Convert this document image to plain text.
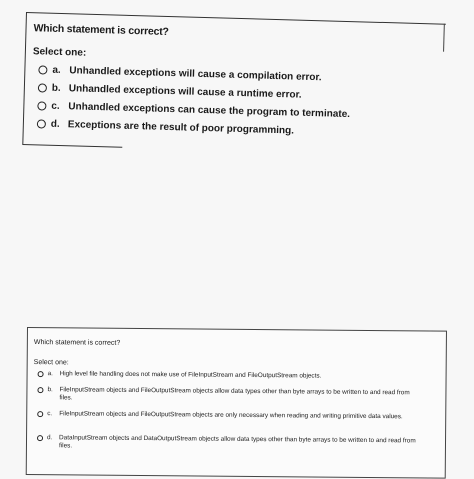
Which statement is correct?
Select one:
a. Unhandled exceptions will cause a compilation error.
b. Unhandled exceptions will cause a runtime error.
c. Unhandled exceptions can cause the program to terminate.
d. Exceptions are the result of poor programming.
Which statement is correct?
Select one:
a.	High level file handling does not make use of FileInputStream and FileOutputStream objects.
b.	FileInputStream objects and FileOutputStream objects allow data types other than byte arrays to be written to and read from files.
c.	FileInputStream objects and FileOutputStream objects are only necessary when reading and writing primitive data values.
d.	DataInputStream objects and DataOutputStream objects allow data types other than byte arrays to be written to and read from files.
